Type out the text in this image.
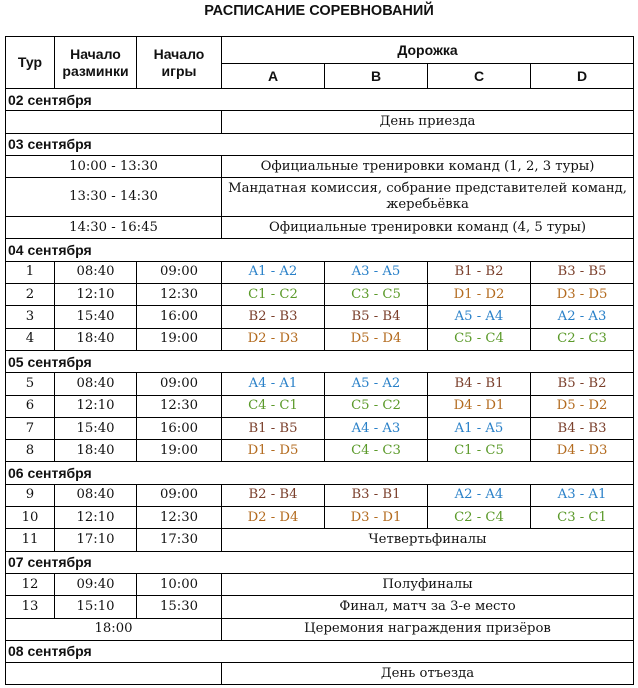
РАСПИСАНИЕ СОРЕВНОВАНИЙ
Тур	Начало разминки	Начало игры	Дорожка			
			A	B	C	D
02 сентября						
			День приезда			
03 сентября						
10:00 - 13:30			Официальные тренировки команд (1, 2, 3 туры)			
13:30 - 14:30			Мандатная комиссия, собрание представителей команд, жеребьёвка			
14:30 - 16:45			Официальные тренировки команд (4, 5 туры)			
04 сентября						
1	08:40	09:00	A1 - A2	A3 - A5	B1 - B2	B3 - B5
2	12:10	12:30	C1 - C2	C3 - C5	D1 - D2	D3 - D5
3	15:40	16:00	B2 - B3	B5 - B4	A5 - A4	A2 - A3
4	18:40	19:00	D2 - D3	D5 - D4	C5 - C4	C2 - C3
05 сентября						
5	08:40	09:00	A4 - A1	A5 - A2	B4 - B1	B5 - B2
6	12:10	12:30	C4 - C1	C5 - C2	D4 - D1	D5 - D2
7	15:40	16:00	B1 - B5	A4 - A3	A1 - A5	B4 - B3
8	18:40	19:00	D1 - D5	C4 - C3	C1 - C5	D4 - D3
06 сентября						
9	08:40	09:00	B2 - B4	B3 - B1	A2 - A4	A3 - A1
10	12:10	12:30	D2 - D4	D3 - D1	C2 - C4	C3 - C1
11	17:10	17:30	Четвертьфиналы			
07 сентября						
12	09:40	10:00	Полуфиналы			
13	15:10	15:30	Финал, матч за 3-е место			
18:00			Церемония награждения призёров			
08 сентября						
			День отъезда			
